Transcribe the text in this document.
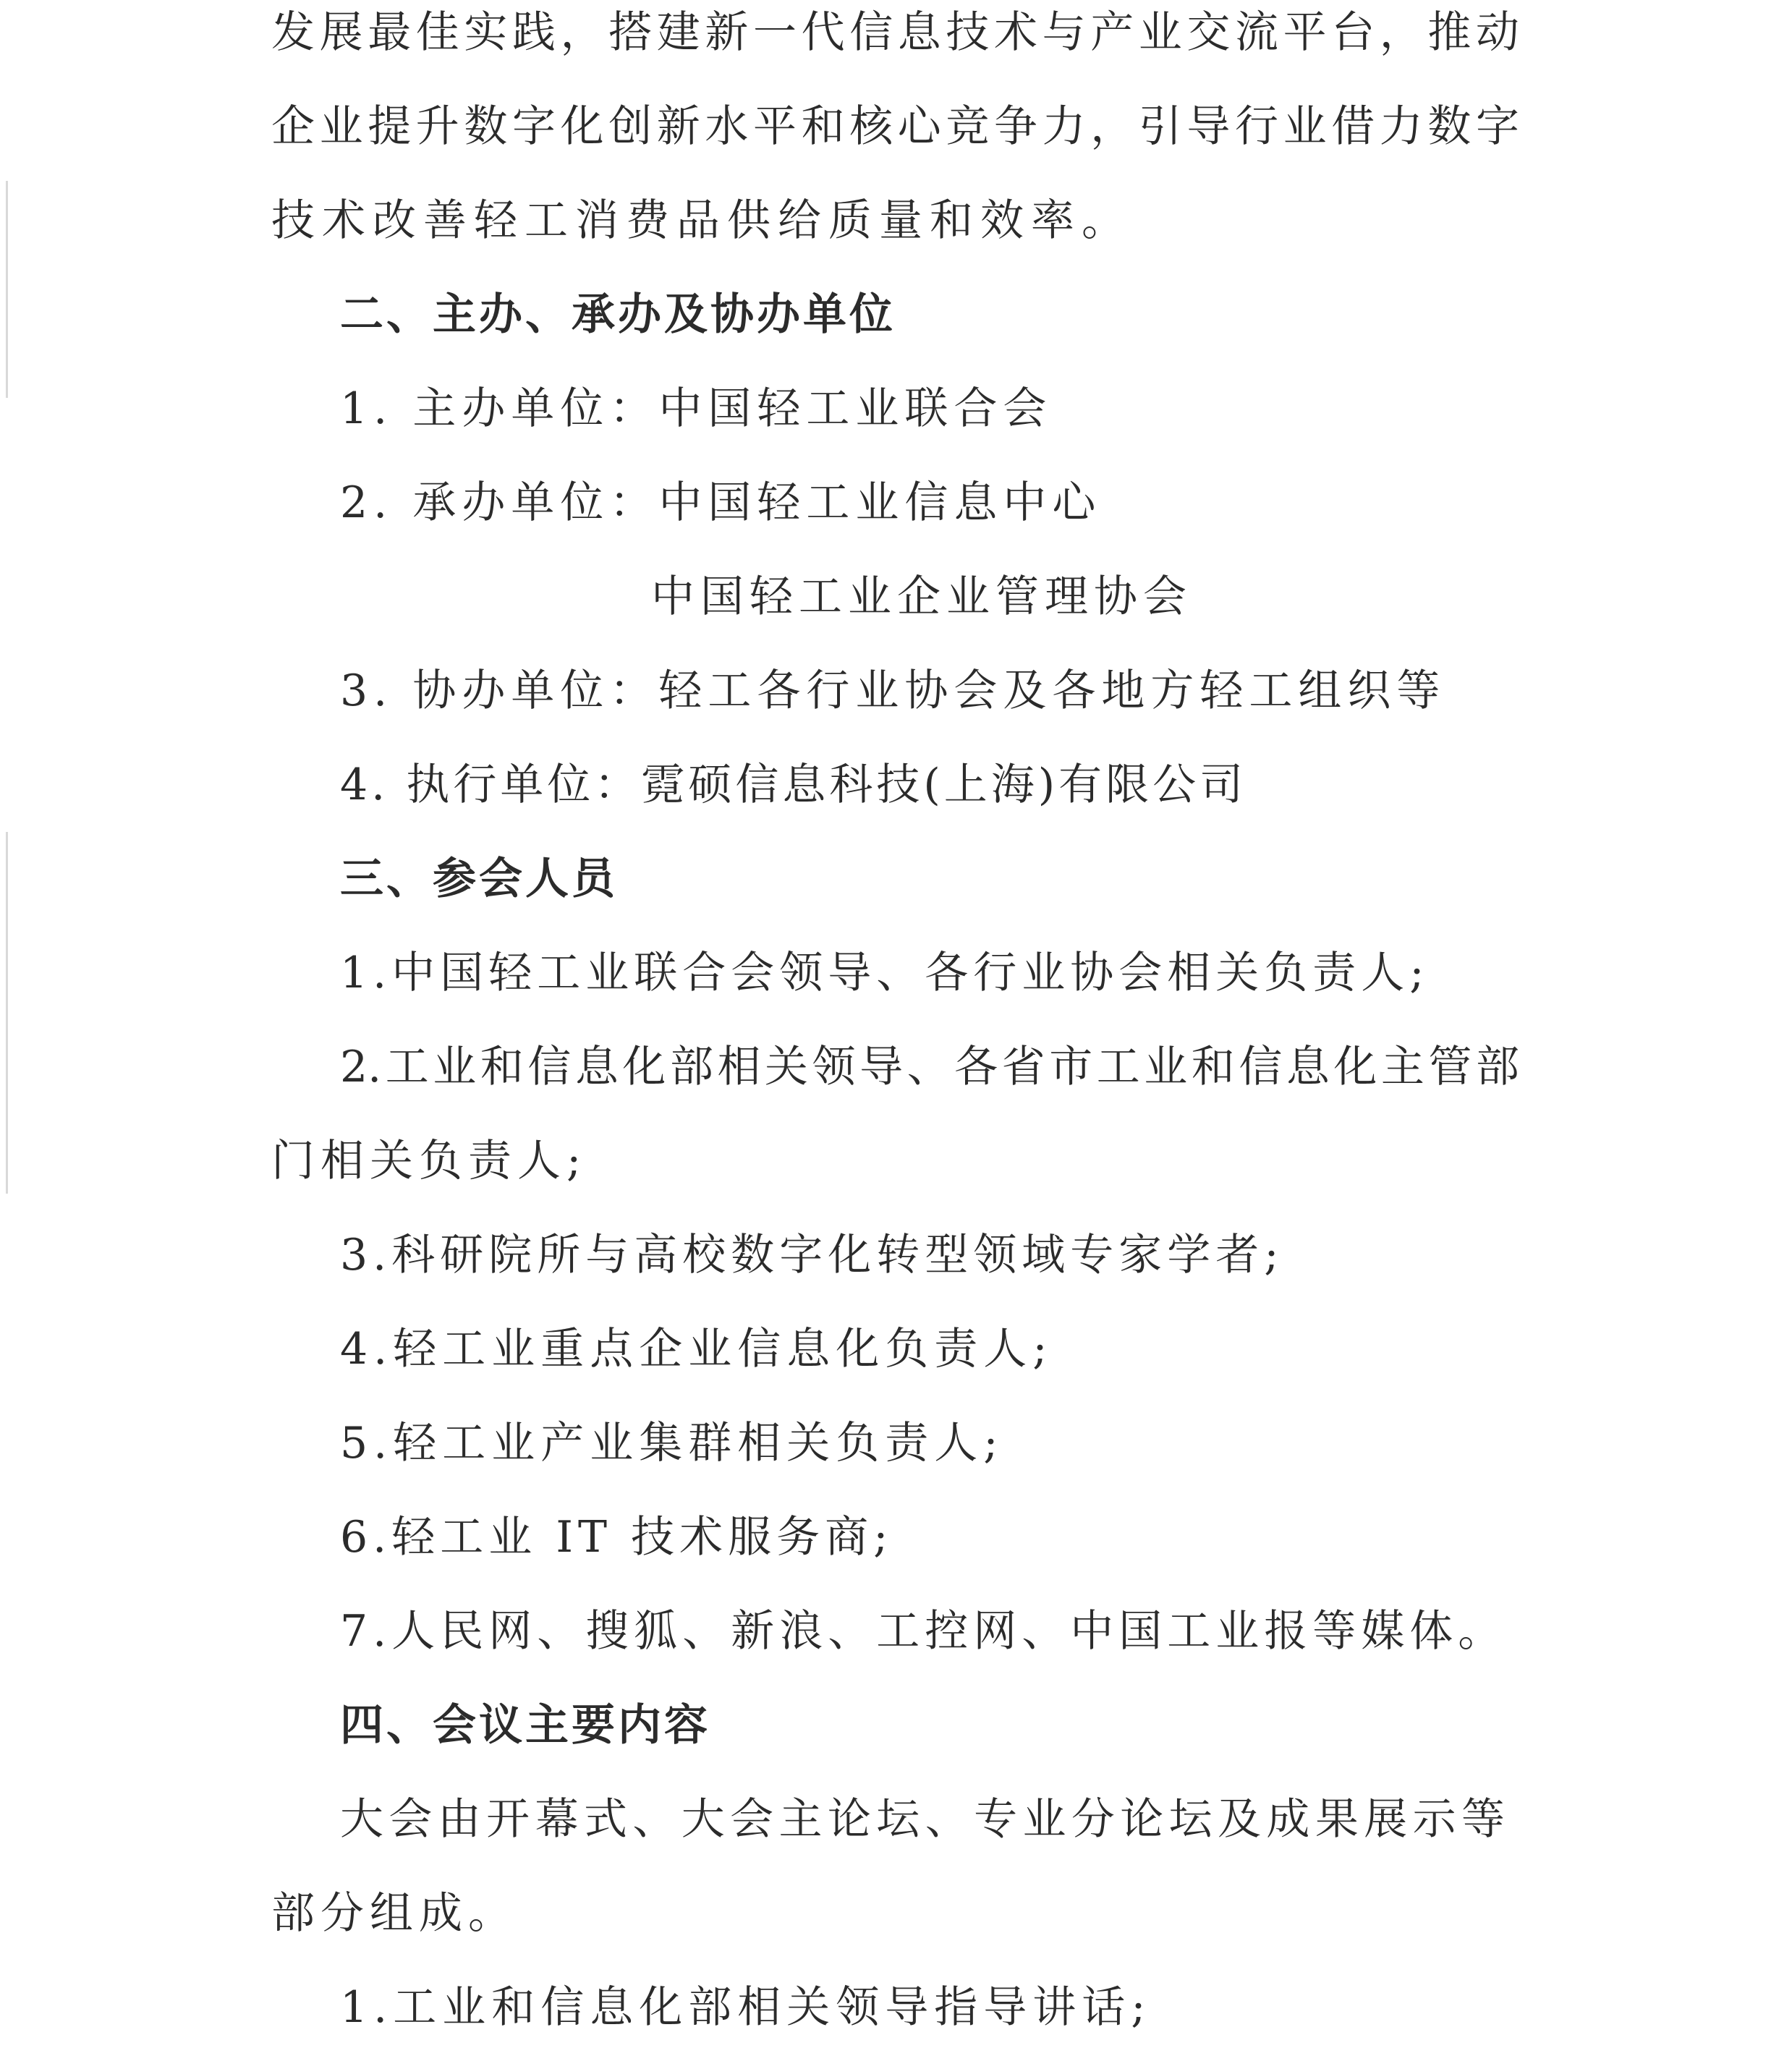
发展最佳实践，搭建新一代信息技术与产业交流平台，推动
企业提升数字化创新水平和核心竞争力，引导行业借力数字
技术改善轻工消费品供给质量和效率。
二、主办、承办及协办单位
1. 主办单位：中国轻工业联合会
2. 承办单位：中国轻工业信息中心
中国轻工业企业管理协会
3. 协办单位：轻工各行业协会及各地方轻工组织等
4. 执行单位：霓硕信息科技(上海)有限公司
三、参会人员
1.中国轻工业联合会领导、各行业协会相关负责人;
2.工业和信息化部相关领导、各省市工业和信息化主管部
门相关负责人;
3.科研院所与高校数字化转型领域专家学者;
4.轻工业重点企业信息化负责人;
5.轻工业产业集群相关负责人;
6.轻工业 IT 技术服务商;
7.人民网、搜狐、新浪、工控网、中国工业报等媒体。
四、会议主要内容
大会由开幕式、大会主论坛、专业分论坛及成果展示等
部分组成。
1.工业和信息化部相关领导指导讲话;
